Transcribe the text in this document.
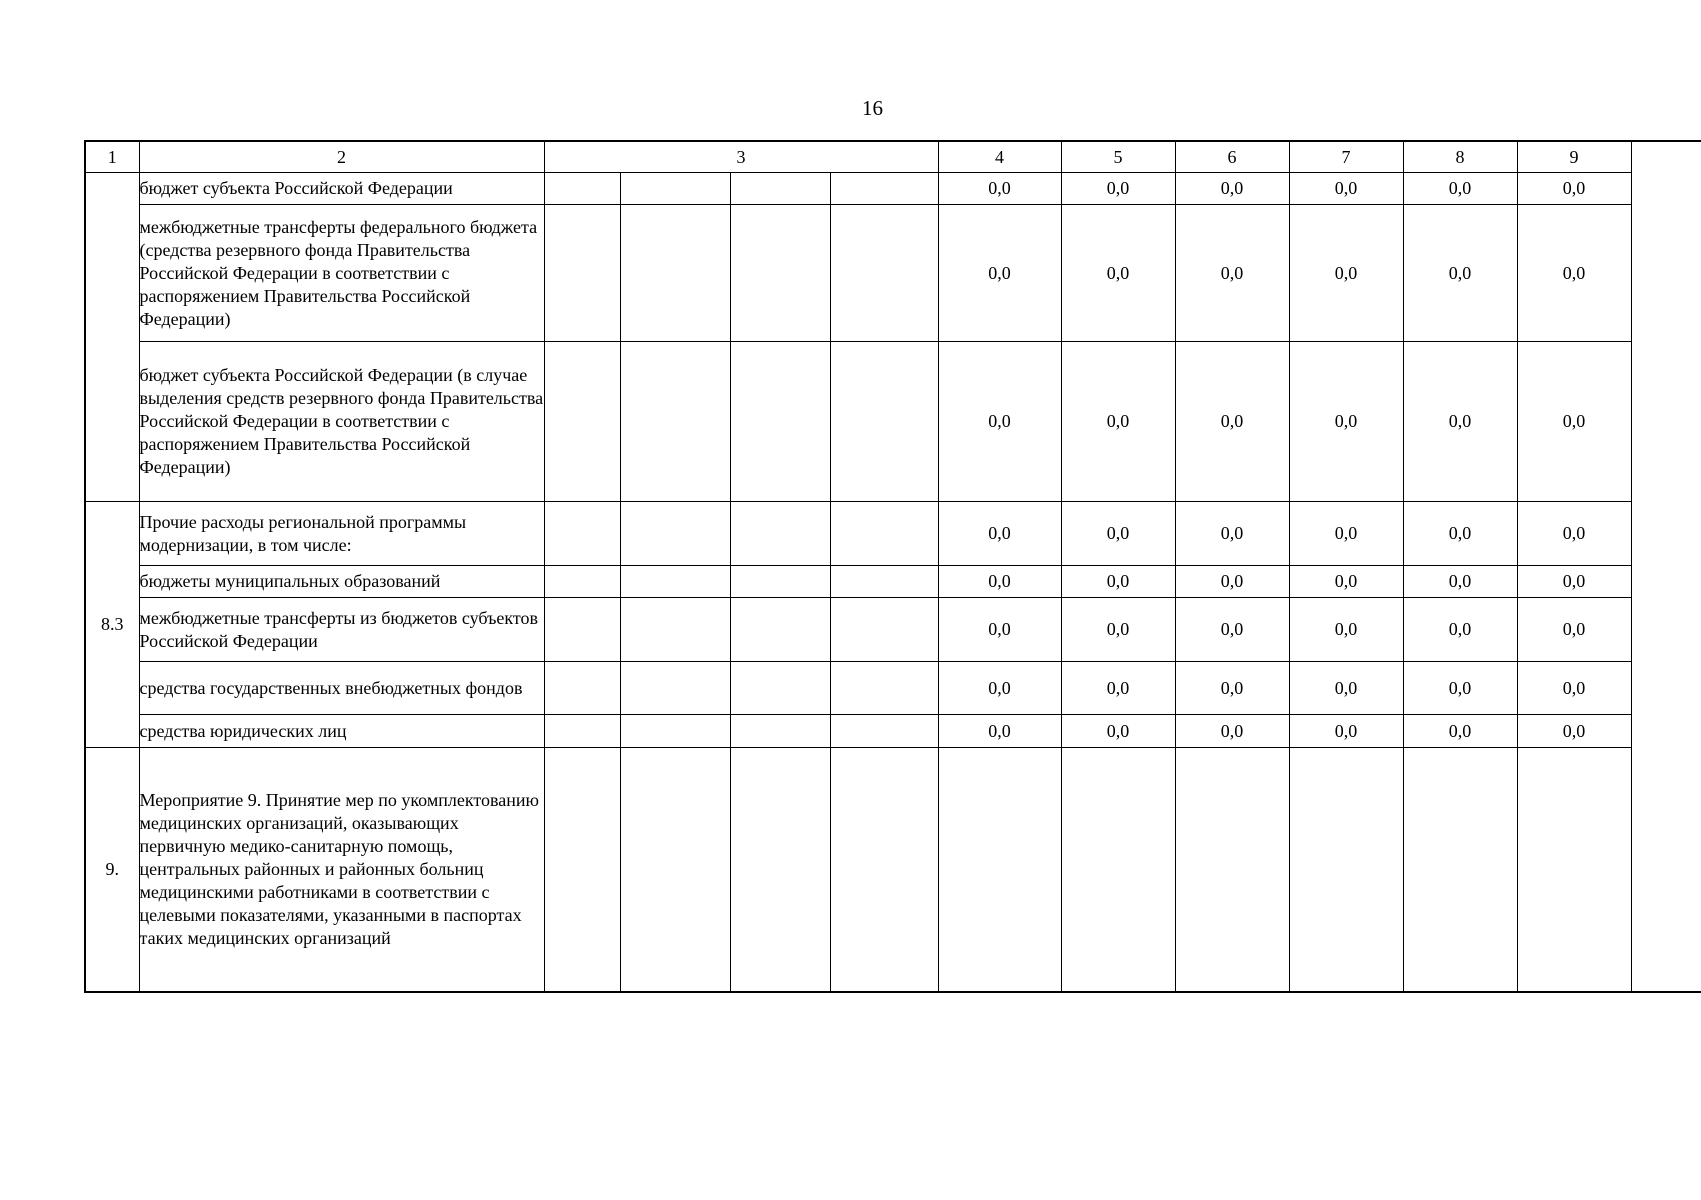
16
1	2	3				4	5	6	7	8	9
	бюджет субъекта Российской Федерации					0,0	0,0	0,0	0,0	0,0	0,0
	межбюджетные трансферты федерального бюджета (средства резервного фонда Правительства Российской Федерации в соответствии с распоряжением Правительства Российской Федерации)					0,0	0,0	0,0	0,0	0,0	0,0
	бюджет субъекта Российской Федерации (в случае выделения средств резервного фонда Правительства Российской Федерации в соответствии с распоряжением Правительства Российской Федерации)					0,0	0,0	0,0	0,0	0,0	0,0
8.3	Прочие расходы региональной программы модернизации, в том числе:					0,0	0,0	0,0	0,0	0,0	0,0
	бюджеты муниципальных образований					0,0	0,0	0,0	0,0	0,0	0,0
	межбюджетные трансферты из бюджетов субъектов Российской Федерации					0,0	0,0	0,0	0,0	0,0	0,0
	средства государственных внебюджетных фондов					0,0	0,0	0,0	0,0	0,0	0,0
	средства юридических лиц					0,0	0,0	0,0	0,0	0,0	0,0
9.	Мероприятие 9. Принятие мер по укомплектованию медицинских организаций, оказывающих первичную медико-санитарную помощь, центральных районных и районных больниц медицинскими работниками в соответствии с целевыми показателями, указанными в паспортах таких медицинских организаций										
